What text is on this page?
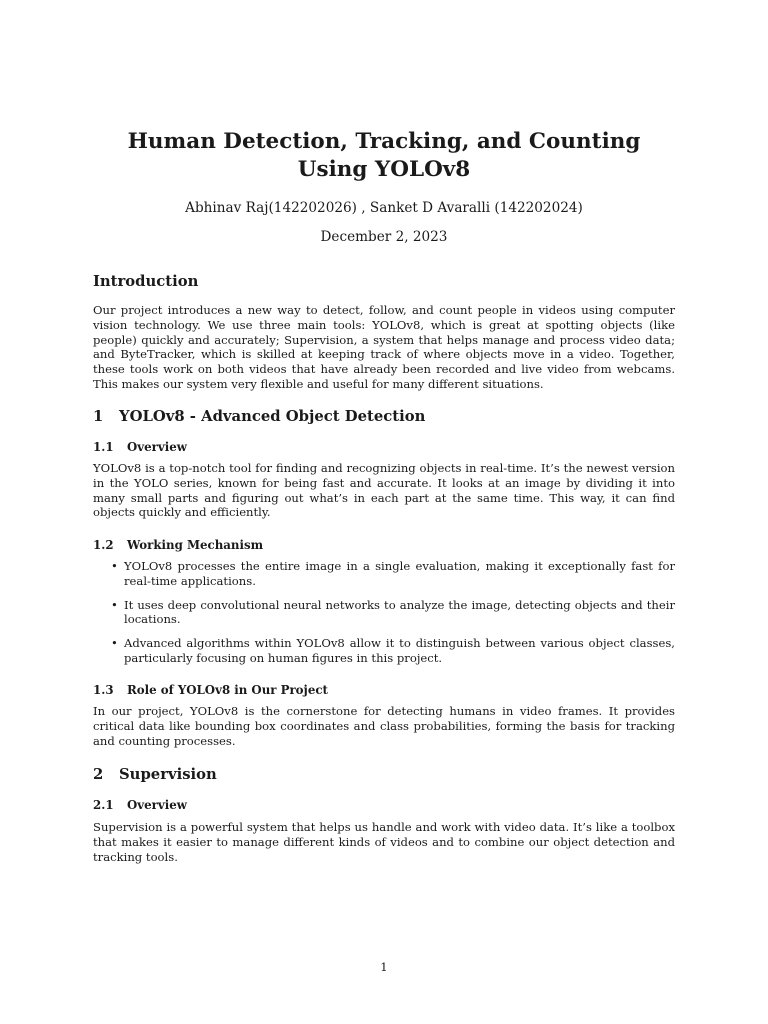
Human Detection, Tracking, and Counting Using YOLOv8

Abhinav Raj(142202026) , Sanket D Avaralli (142202024)

December 2, 2023

Introduction

Our project introduces a new way to detect, follow, and count people in videos using computer vision technology. We use three main tools: YOLOv8, which is great at spotting objects (like people) quickly and accurately; Supervision, a system that helps manage and process video data; and ByteTracker, which is skilled at keeping track of where objects move in a video. Together, these tools work on both videos that have already been recorded and live video from webcams. This makes our system very flexible and useful for many different situations.

1 YOLOv8 - Advanced Object Detection
1.1 Overview

YOLOv8 is a top-notch tool for finding and recognizing objects in real-time. It’s the newest version in the YOLO series, known for being fast and accurate. It looks at an image by dividing it into many small parts and figuring out what’s in each part at the same time. This way, it can find objects quickly and efficiently.

1.2 Working Mechanism
• YOLOv8 processes the entire image in a single evaluation, making it exceptionally fast for real-time applications.
• It uses deep convolutional neural networks to analyze the image, detecting objects and their locations.
• Advanced algorithms within YOLOv8 allow it to distinguish between various object classes, particularly focusing on human figures in this project.
1.3 Role of YOLOv8 in Our Project

In our project, YOLOv8 is the cornerstone for detecting humans in video frames. It provides critical data like bounding box coordinates and class probabilities, forming the basis for tracking and counting processes.

2 Supervision
2.1 Overview

Supervision is a powerful system that helps us handle and work with video data. It’s like a toolbox that makes it easier to manage different kinds of videos and to combine our object detection and tracking tools.

1
